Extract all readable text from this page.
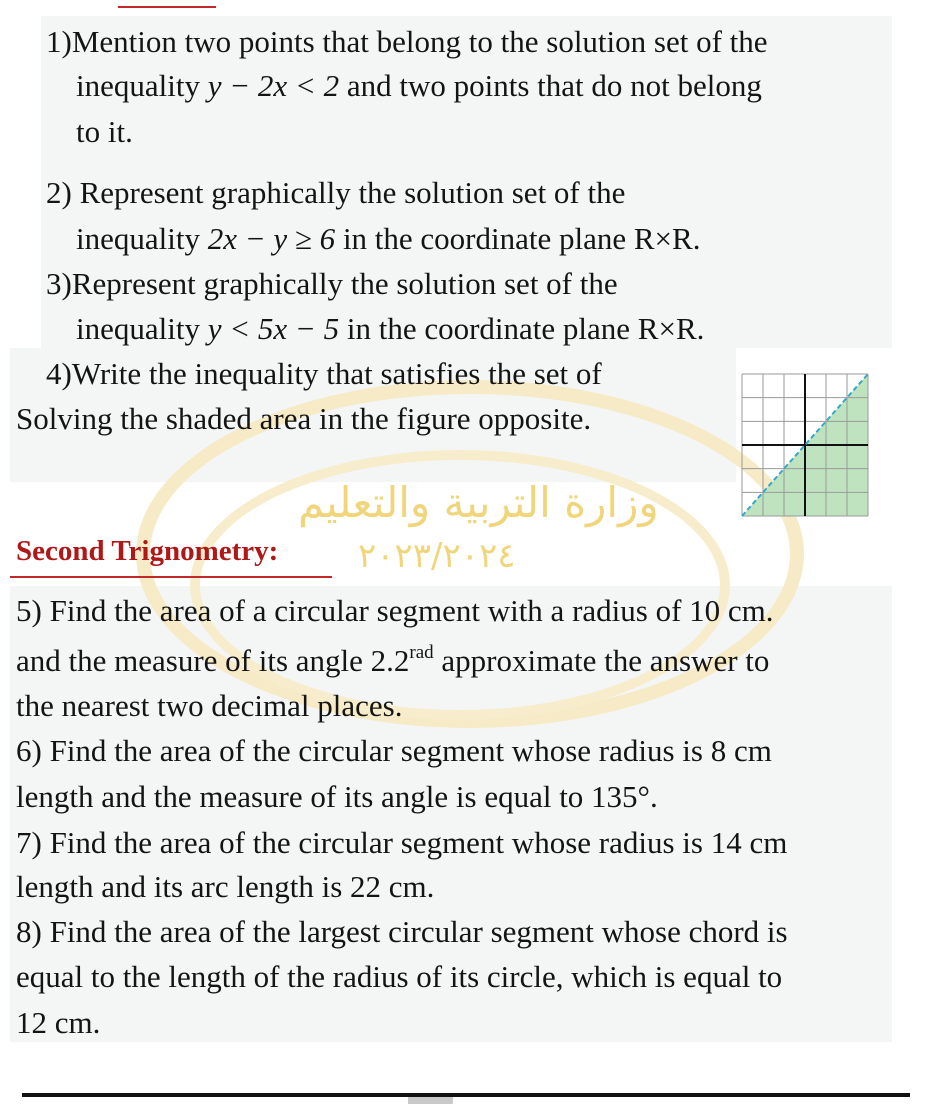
وزارة التربية والتعليم
٢٠٢٣/٢٠٢٤
1)Mention two points that belong to the solution set of the
inequality y − 2x < 2 and two points that do not belong
to it.
2) Represent graphically the solution set of the
inequality 2x − y ≥ 6 in the coordinate plane R×R.
3)Represent graphically the solution set of the
inequality y < 5x − 5 in the coordinate plane R×R.
4)Write the inequality that satisfies the set of
Solving the shaded area in the figure opposite.
Second Trignometry:
5) Find the area of a circular segment with a radius of 10 cm.
and the measure of its angle $2.2^{rad}$ approximate the answer to
the nearest two decimal places.
6) Find the area of the circular segment whose radius is 8 cm
length and the measure of its angle is equal to 135°.
7) Find the area of the circular segment whose radius is 14 cm
length and its arc length is 22 cm.
8) Find the area of the largest circular segment whose chord is
equal to the length of the radius of its circle, which is equal to
12 cm.
